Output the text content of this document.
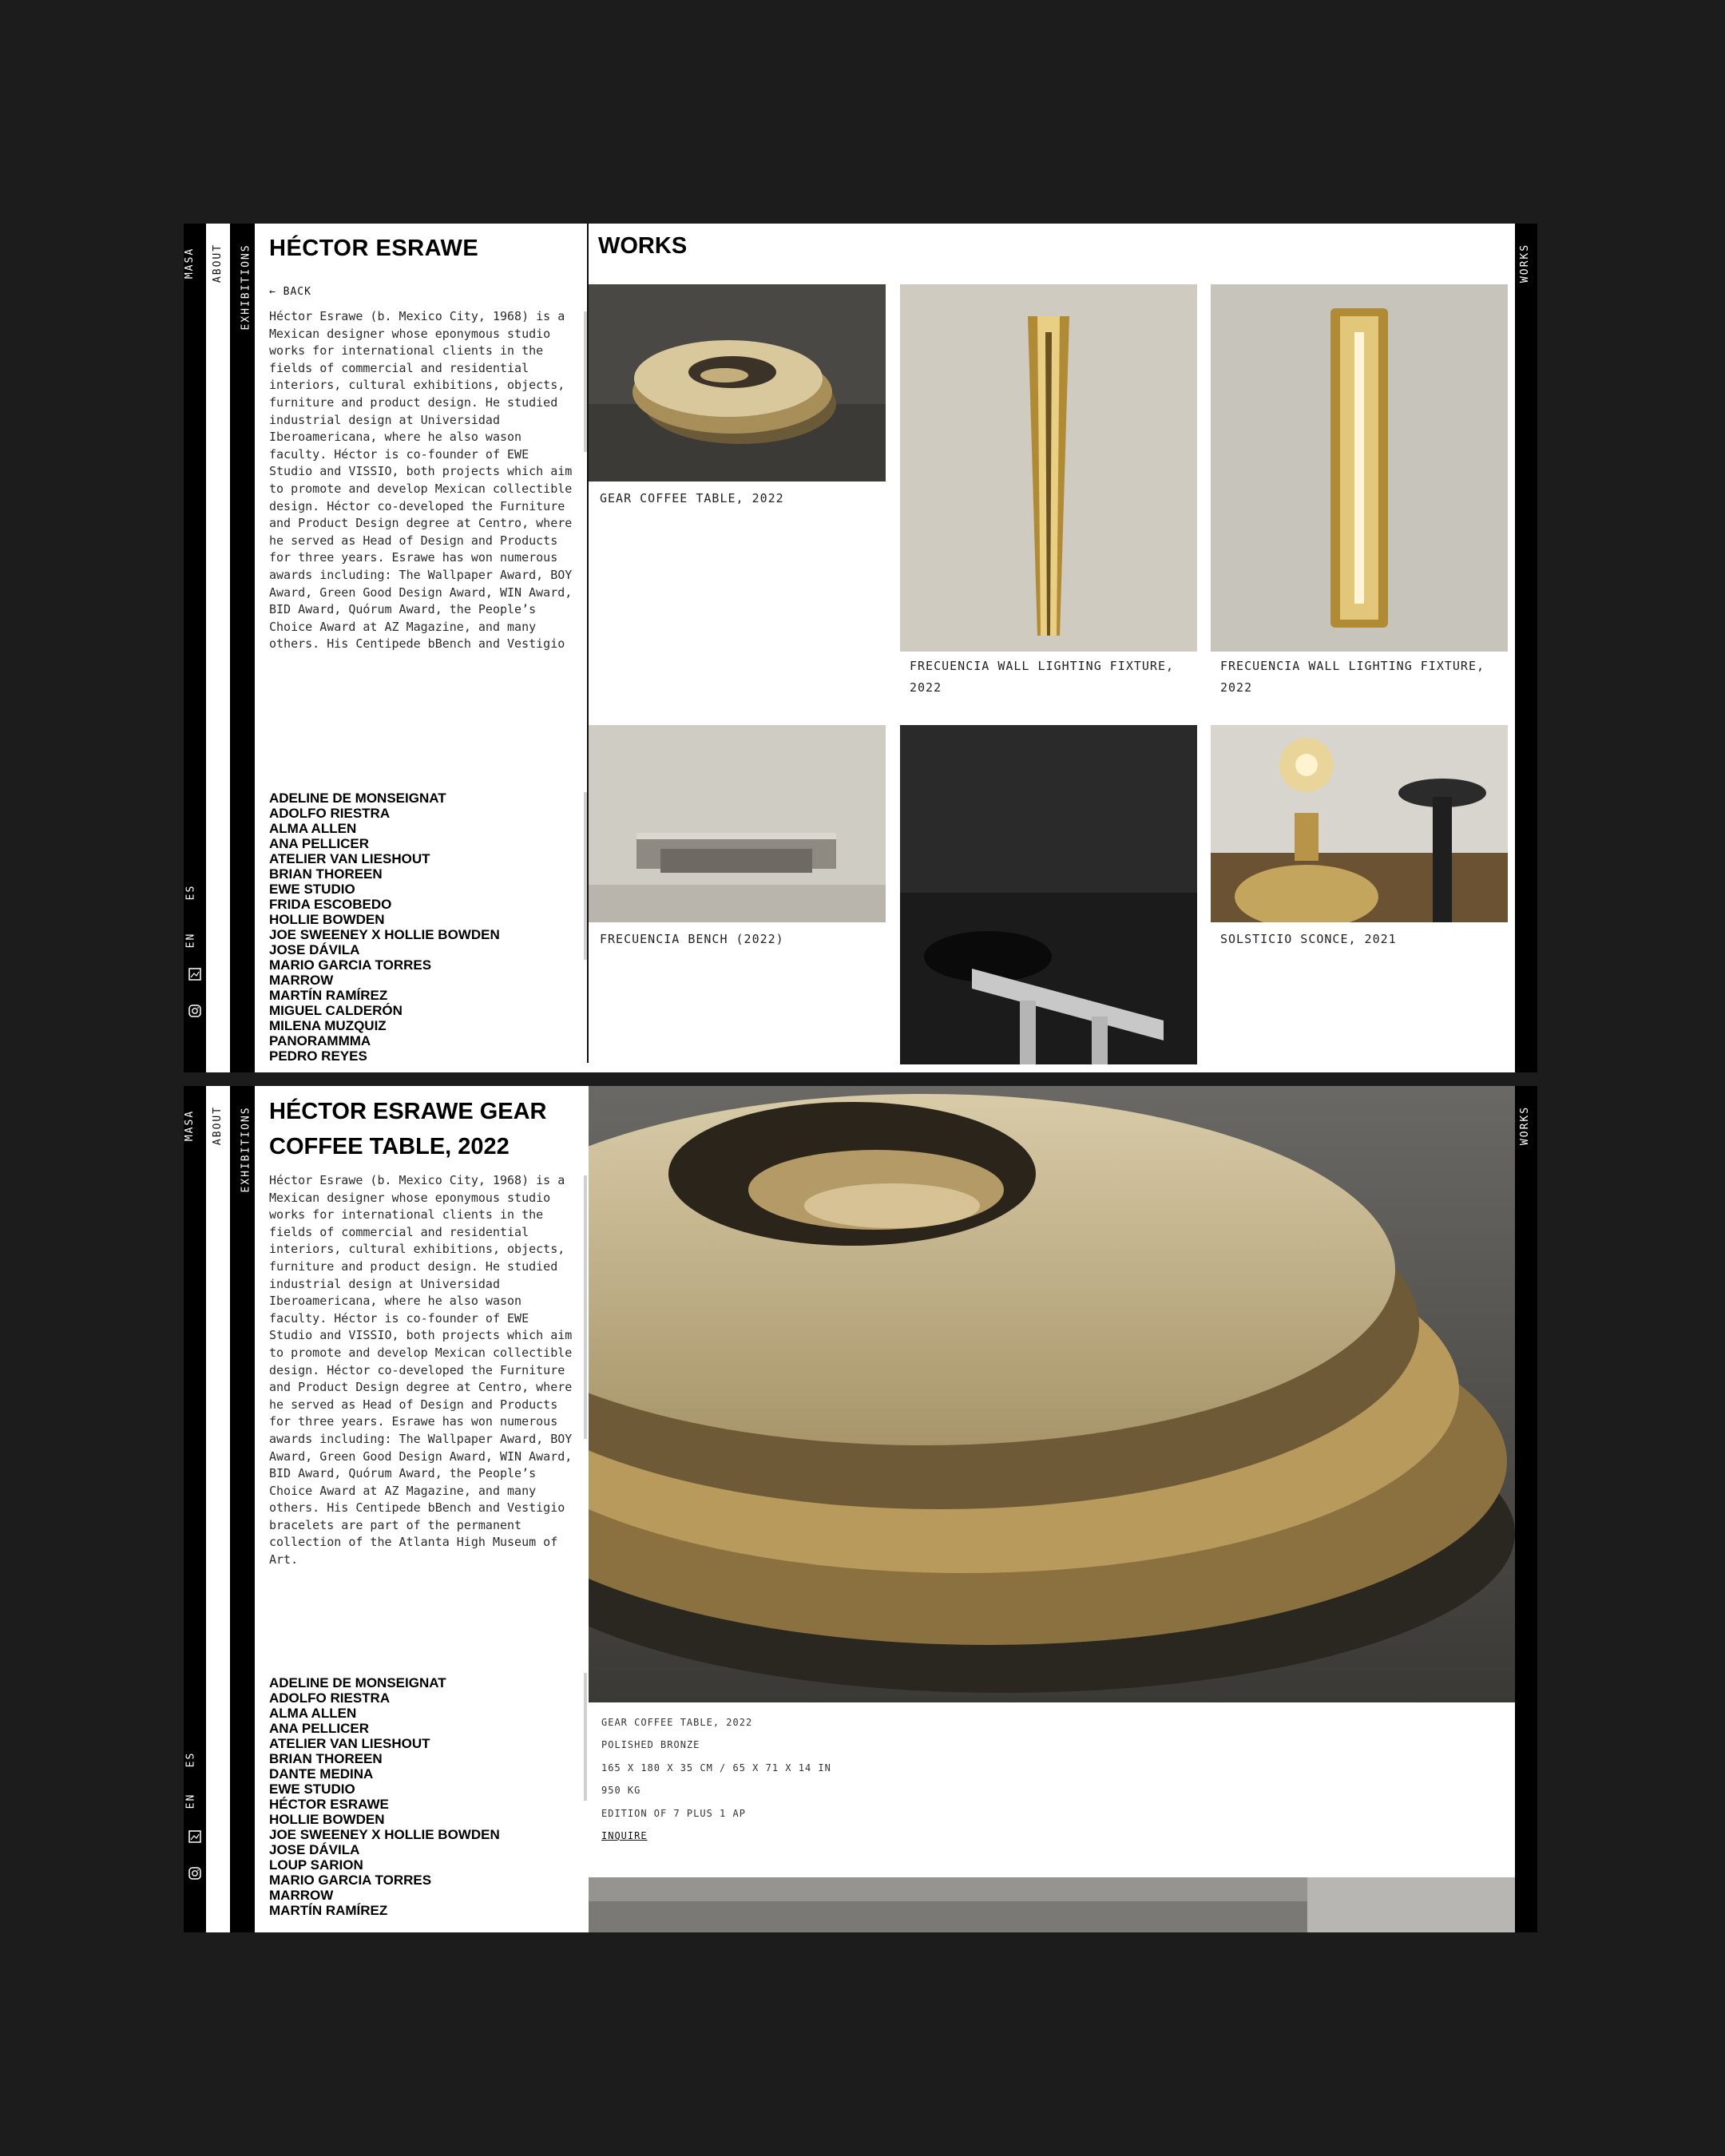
MASA
ES
EN
ABOUT EXHIBITIONS HÉCTOR ESRAWE
← BACK
Héctor Esrawe (b. Mexico City, 1968) is a Mexican designer whose eponymous studio works for international clients in the fields of commercial and residential interiors, cultural exhibitions, objects, furniture and product design. He studied industrial design at Universidad Iberoamericana, where he also wason faculty. Héctor is co-founder of EWE Studio and VISSIO, both projects which aim to promote and develop Mexican collectible design. Héctor co-developed the Furniture and Product Design degree at Centro, where he served as Head of Design and Products for three years. Esrawe has won numerous awards including: The Wallpaper Award, BOY Award, Green Good Design Award, WIN Award, BID Award, Quórum Award, the People’s Choice Award at AZ Magazine, and many others. His Centipede bBench and Vestigio
ADELINE DE MONSEIGNAT
ADOLFO RIESTRA
ALMA ALLEN
ANA PELLICER
ATELIER VAN LIESHOUT
BRIAN THOREEN
EWE STUDIO
FRIDA ESCOBEDO
HOLLIE BOWDEN
JOE SWEENEY X HOLLIE BOWDEN
JOSE DÁVILA
MARIO GARCIA TORRES
MARROW
MARTÍN RAMÍREZ
MIGUEL CALDERÓN
MILENA MUZQUIZ
PANORAMMMA
PEDRO REYES
WORKS
GEAR COFFEE TABLE, 2022
FRECUENCIA WALL LIGHTING FIXTURE, 2022
FRECUENCIA WALL LIGHTING FIXTURE, 2022
FRECUENCIA BENCH (2022)	SOLSTICIO SCONCE, 2021
WORKS
MASA
ES
EN
ABOUT EXHIBITIONS HÉCTOR ESRAWE GEAR COFFEE TABLE, 2022
Héctor Esrawe (b. Mexico City, 1968) is a Mexican designer whose eponymous studio works for international clients in the fields of commercial and residential interiors, cultural exhibitions, objects, furniture and product design. He studied industrial design at Universidad Iberoamericana, where he also wason faculty. Héctor is co-founder of EWE Studio and VISSIO, both projects which aim to promote and develop Mexican collectible design. Héctor co-developed the Furniture and Product Design degree at Centro, where he served as Head of Design and Products for three years. Esrawe has won numerous awards including: The Wallpaper Award, BOY Award, Green Good Design Award, WIN Award, BID Award, Quórum Award, the People’s Choice Award at AZ Magazine, and many others. His Centipede bBench and Vestigio bracelets are part of the permanent collection of the Atlanta High Museum of Art.
ADELINE DE MONSEIGNAT
ADOLFO RIESTRA
ALMA ALLEN
ANA PELLICER
ATELIER VAN LIESHOUT
BRIAN THOREEN
DANTE MEDINA
EWE STUDIO
HÉCTOR ESRAWE
HOLLIE BOWDEN
JOE SWEENEY X HOLLIE BOWDEN
JOSE DÁVILA
LOUP SARION
MARIO GARCIA TORRES
MARROW
MARTÍN RAMÍREZ
GEAR COFFEE TABLE, 2022
POLISHED BRONZE
165 X 180 X 35 CM / 65 X 71 X 14 IN
950 KG
EDITION OF 7 PLUS 1 AP
INQUIRE
WORKS
